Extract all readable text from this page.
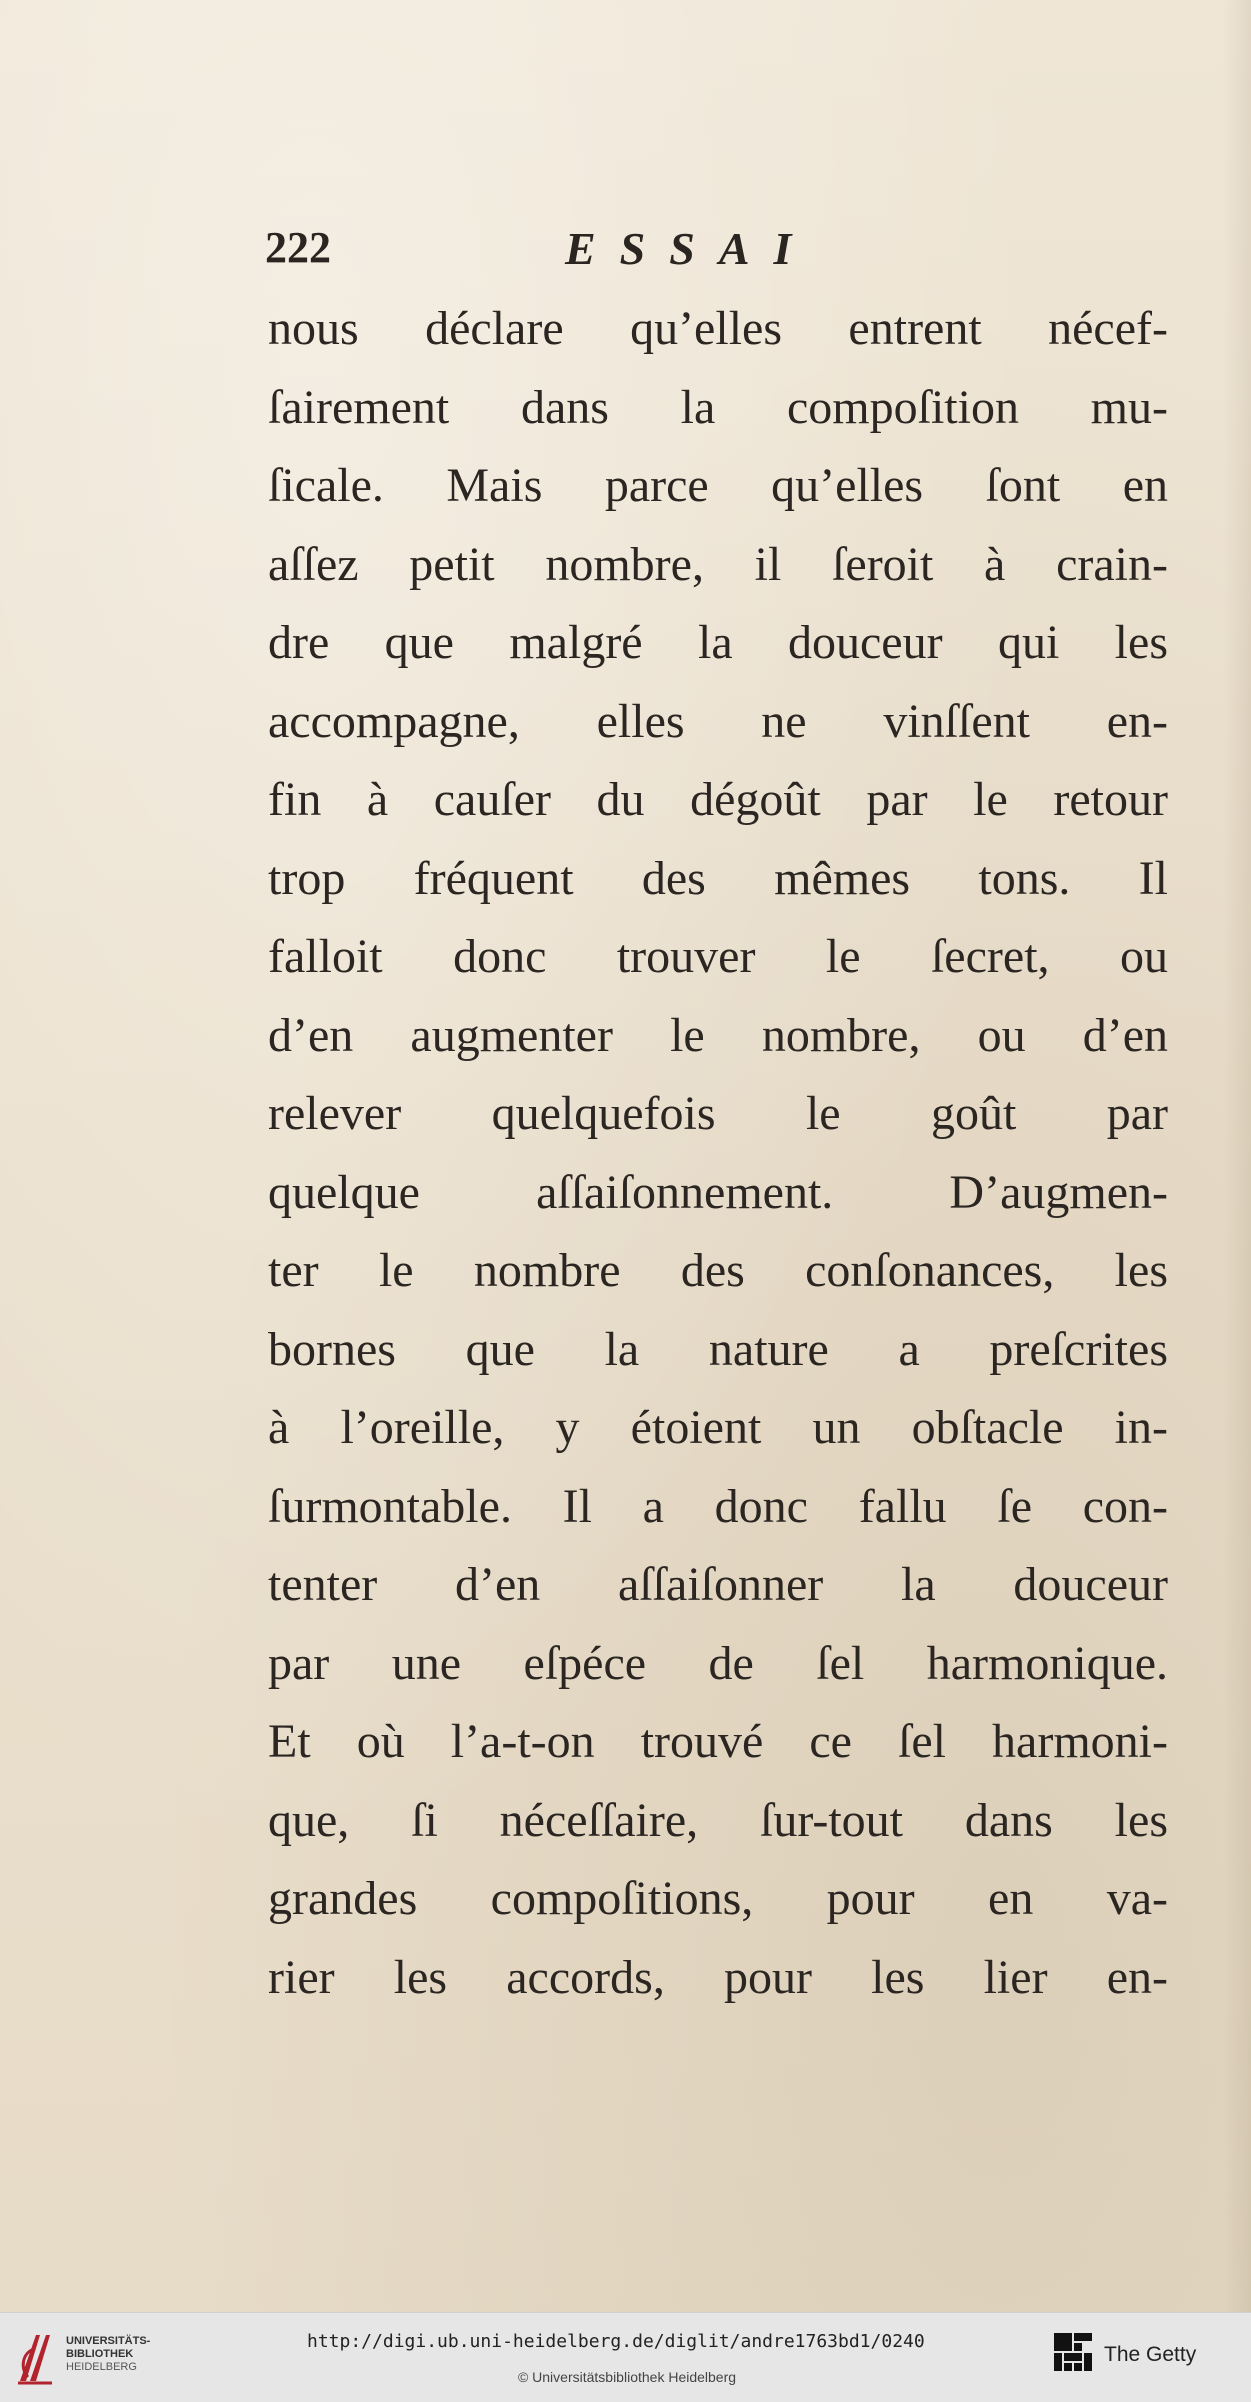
222	ESSAI
nous déclare qu’elles entrent nécef-
ſairement dans la compoſition mu-
ſicale. Mais parce qu’elles ſont en
aſſez petit nombre, il ſeroit à crain-
dre que malgré la douceur qui les
accompagne, elles ne vinſſent en-
fin à cauſer du dégoût par le retour
trop fréquent des mêmes tons. Il
falloit donc trouver le ſecret, ou
d’en augmenter le nombre, ou d’en
relever quelquefois le goût par
quelque aſſaiſonnement. D’augmen-
ter le nombre des conſonances, les
bornes que la nature a preſcrites
à l’oreille, y étoient un obſtacle in-
ſurmontable. Il a donc fallu ſe con-
tenter d’en aſſaiſonner la douceur
par une eſpéce de ſel harmonique.
Et où l’a-t-on trouvé ce ſel harmoni-
que, ſi néceſſaire, ſur-tout dans les
grandes compoſitions, pour en va-
rier les accords, pour les lier en-
UNIVERSITÄTS-
BIBLIOTHEK
HEIDELBERG
http://digi.ub.uni-heidelberg.de/diglit/andre1763bd1/0240
© Universitätsbibliothek Heidelberg
The Getty
